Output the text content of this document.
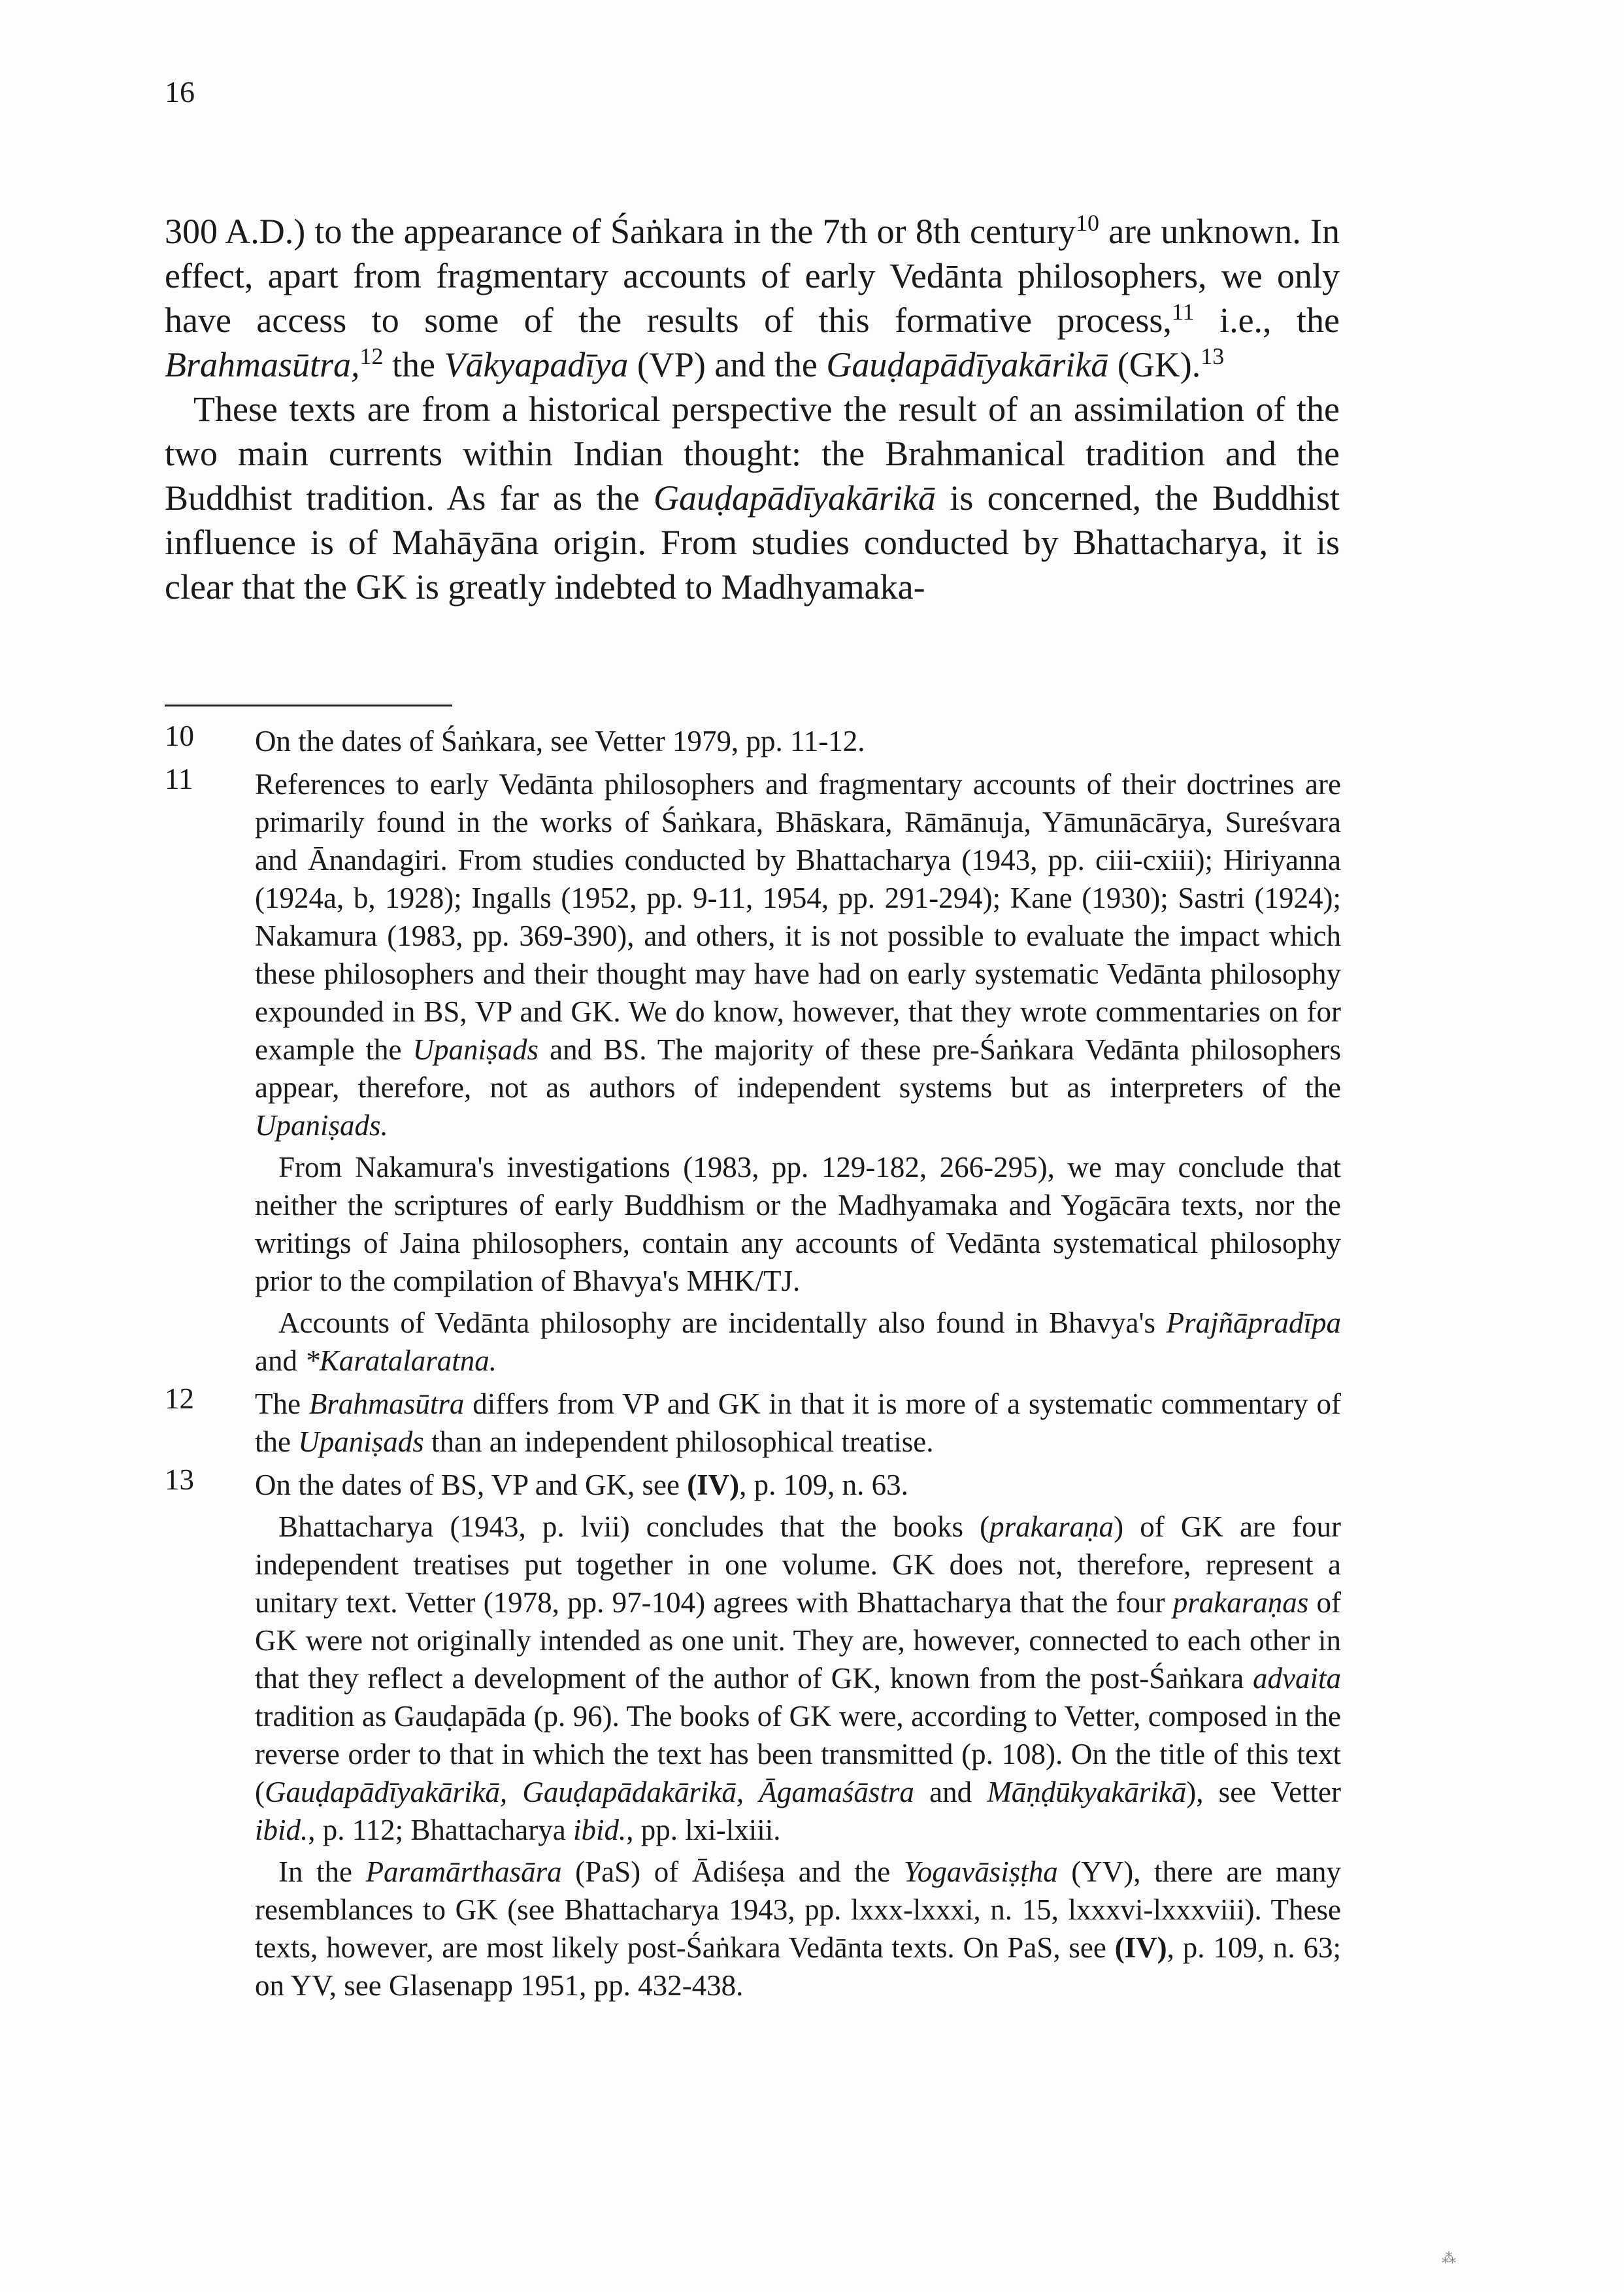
16

300 A.D.) to the appearance of Śaṅkara in the 7th or 8th century$^{10}$ are unknown. In effect, apart from fragmentary accounts of early Vedānta philosophers, we only have access to some of the results of this formative process,$^{11}$ i.e., the Brahmasūtra,$^{12}$ the Vākyapadīya (VP) and the Gauḍapādīyakārikā (GK).$^{13}$

These texts are from a historical perspective the result of an assimilation of the two main currents within Indian thought: the Brahmanical tradition and the Buddhist tradition. As far as the Gauḍapādīyakārikā is concerned, the Buddhist influence is of Mahāyāna origin. From studies conducted by Bhattacharya, it is clear that the GK is greatly indebted to Madhyamaka-

10 On the dates of Śaṅkara, see Vetter 1979, pp. 11-12.

11 References to early Vedānta philosophers and fragmentary accounts of their doctrines are primarily found in the works of Śaṅkara, Bhāskara, Rāmānuja, Yāmunācārya, Sureśvara and Ānandagiri. From studies conducted by Bhattacharya (1943, pp. ciii-cxiii); Hiriyanna (1924a, b, 1928); Ingalls (1952, pp. 9-11, 1954, pp. 291-294); Kane (1930); Sastri (1924); Nakamura (1983, pp. 369-390), and others, it is not possible to evaluate the impact which these philosophers and their thought may have had on early systematic Vedānta philosophy expounded in BS, VP and GK. We do know, however, that they wrote commentaries on for example the Upaniṣads and BS. The majority of these pre-Śaṅkara Vedānta philosophers appear, therefore, not as authors of independent systems but as interpreters of the Upaniṣads.

From Nakamura's investigations (1983, pp. 129-182, 266-295), we may conclude that neither the scriptures of early Buddhism or the Madhyamaka and Yogācāra texts, nor the writings of Jaina philosophers, contain any accounts of Vedānta systematical philosophy prior to the compilation of Bhavya's MHK/TJ.

Accounts of Vedānta philosophy are incidentally also found in Bhavya's Prajñāpradīpa and *Karatalaratna.

12 The Brahmasūtra differs from VP and GK in that it is more of a systematic commentary of the Upaniṣads than an independent philosophical treatise.

13 On the dates of BS, VP and GK, see (IV), p. 109, n. 63.

Bhattacharya (1943, p. lvii) concludes that the books (prakaraṇa) of GK are four independent treatises put together in one volume. GK does not, therefore, represent a unitary text. Vetter (1978, pp. 97-104) agrees with Bhattacharya that the four prakaraṇas of GK were not originally intended as one unit. They are, however, connected to each other in that they reflect a development of the author of GK, known from the post-Śaṅkara advaita tradition as Gauḍapāda (p. 96). The books of GK were, according to Vetter, composed in the reverse order to that in which the text has been transmitted (p. 108). On the title of this text (Gauḍapādīyakārikā, Gauḍapādakārikā, Āgamaśāstra and Māṇḍūkyakārikā), see Vetter ibid., p. 112; Bhattacharya ibid., pp. lxi-lxiii.

In the Paramārthasāra (PaS) of Ādiśeṣa and the Yogavāsiṣṭha (YV), there are many resemblances to GK (see Bhattacharya 1943, pp. lxxx-lxxxi, n. 15, lxxxvi-lxxxviii). These texts, however, are most likely post-Śaṅkara Vedānta texts. On PaS, see (IV), p. 109, n. 63; on YV, see Glasenapp 1951, pp. 432-438.

⁂
